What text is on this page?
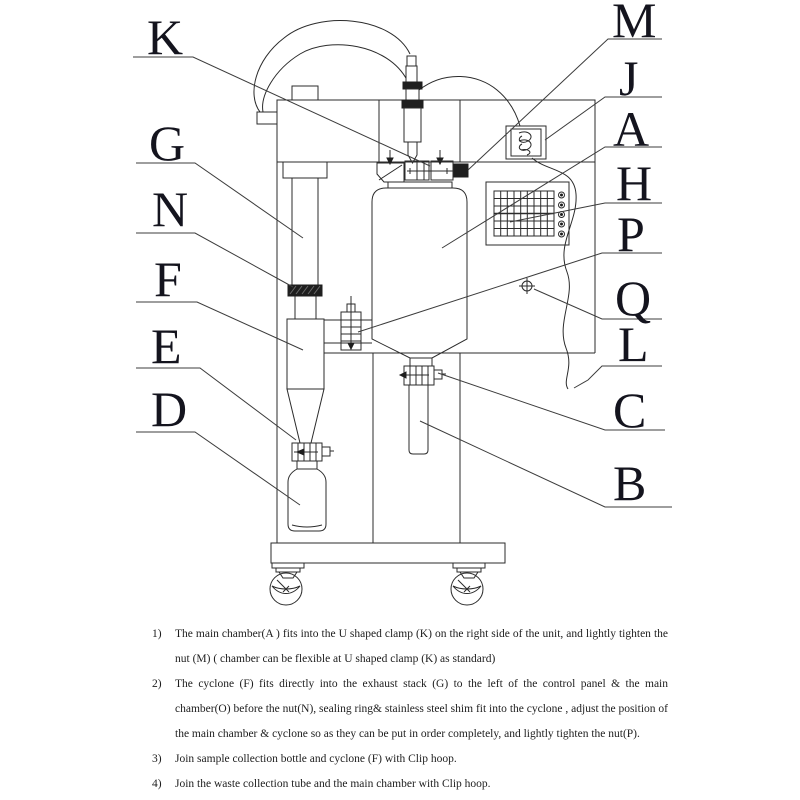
K
G
N
F
E
D
M
J
A
H
P
Q
L
C
B
1)	The main chamber(A ) fits into the U shaped clamp (K) on the right side of the unit, and lightly tighten the nut (M) ( chamber can be flexible at U shaped clamp (K) as standard)
2)	The cyclone (F) fits directly into the exhaust stack (G) to the left of the control panel & the main chamber(O) before the nut(N), sealing ring& stainless steel shim fit into the cyclone , adjust the position of the main chamber & cyclone so as they can be put in order completely, and lightly tighten the nut(P).
3)	Join sample collection bottle and cyclone (F) with Clip hoop.
4)	Join the waste collection tube and the main chamber with Clip hoop.
